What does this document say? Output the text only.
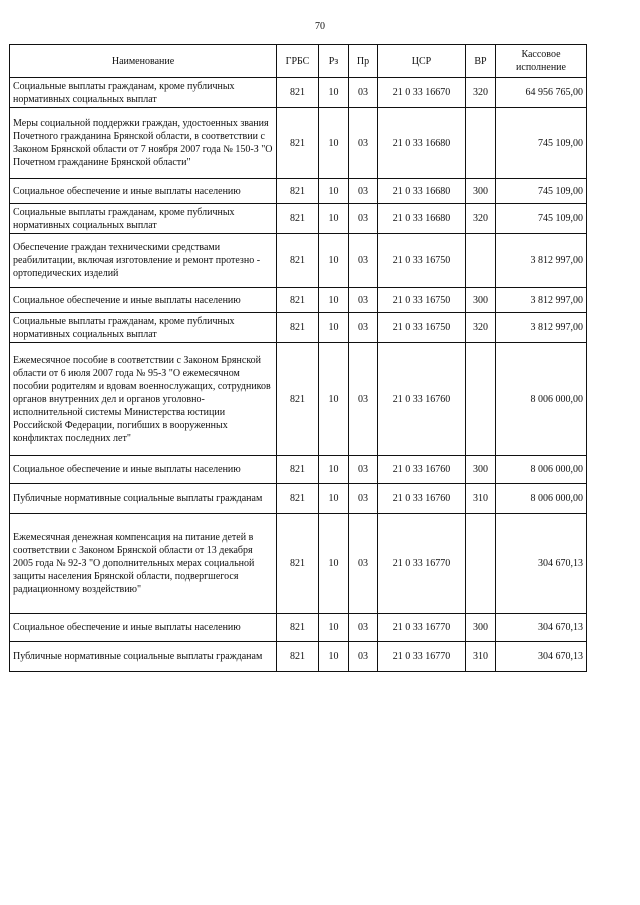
70
Наименование	ГРБС	Рз	Пр	ЦСР	ВР	Кассовое исполнение
Социальные выплаты гражданам, кроме публичных нормативных социальных выплат	821	10	03	21 0 33 16670	320	64 956 765,00
Меры социальной поддержки граждан, удостоенных звания Почетного гражданина Брянской области, в соответствии с Законом Брянской области от 7 ноября 2007 года № 150-З "О Почетном гражданине Брянской области"	821	10	03	21 0 33 16680		745 109,00
Социальное обеспечение и иные выплаты населению	821	10	03	21 0 33 16680	300	745 109,00
Социальные выплаты гражданам, кроме публичных нормативных социальных выплат	821	10	03	21 0 33 16680	320	745 109,00
Обеспечение граждан техническими средствами реабилитации, включая изготовление и ремонт протезно - ортопедических изделий	821	10	03	21 0 33 16750		3 812 997,00
Социальное обеспечение и иные выплаты населению	821	10	03	21 0 33 16750	300	3 812 997,00
Социальные выплаты гражданам, кроме публичных нормативных социальных выплат	821	10	03	21 0 33 16750	320	3 812 997,00
Ежемесячное пособие в соответствии с Законом Брянской области от 6 июля 2007 года № 95-З "О ежемесячном пособии родителям и вдовам военнослужащих, сотрудников органов внутренних дел и органов уголовно-исполнительной системы Министерства юстиции Российской Федерации, погибших в вооруженных конфликтах последних лет"	821	10	03	21 0 33 16760		8 006 000,00
Социальное обеспечение и иные выплаты населению	821	10	03	21 0 33 16760	300	8 006 000,00
Публичные нормативные социальные выплаты гражданам	821	10	03	21 0 33 16760	310	8 006 000,00
Ежемесячная денежная компенсация на питание детей в соответствии с Законом Брянской области от 13 декабря 2005 года № 92-З "О дополнительных мерах социальной защиты населения Брянской области, подвергшегося радиационному воздействию"	821	10	03	21 0 33 16770		304 670,13
Социальное обеспечение и иные выплаты населению	821	10	03	21 0 33 16770	300	304 670,13
Публичные нормативные социальные выплаты гражданам	821	10	03	21 0 33 16770	310	304 670,13
